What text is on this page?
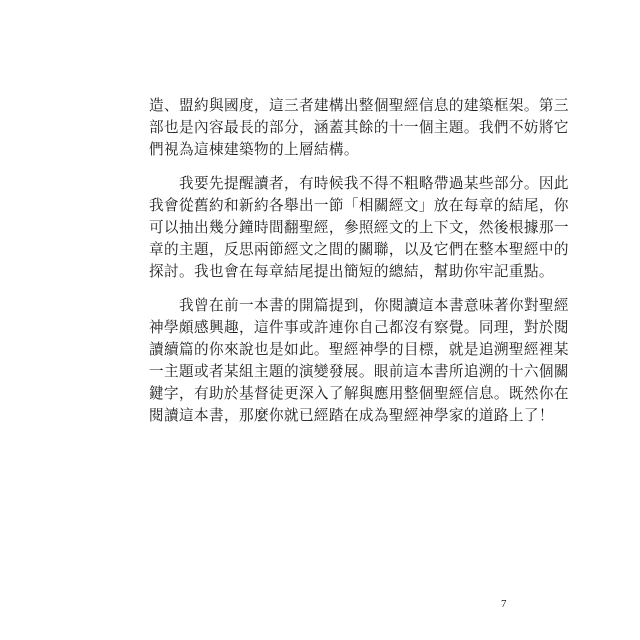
造、盟約與國度，這三者建構出整個聖經信息的建築框架。第三
部也是內容最長的部分，涵蓋其餘的十一個主題。我們不妨將它
們視為這棟建築物的上層結構。

　　我要先提醒讀者，有時候我不得不粗略帶過某些部分。因此
我會從舊約和新約各舉出一節「相關經文」放在每章的結尾，你
可以抽出幾分鐘時間翻聖經，參照經文的上下文，然後根據那一
章的主題，反思兩節經文之間的關聯，以及它們在整本聖經中的
探討。我也會在每章結尾提出簡短的總結，幫助你牢記重點。

　　我曾在前一本書的開篇提到，你閱讀這本書意味著你對聖經
神學頗感興趣，這件事或許連你自己都沒有察覺。同理，對於閱
讀續篇的你來說也是如此。聖經神學的目標，就是追溯聖經裡某
一主題或者某組主題的演變發展。眼前這本書所追溯的十六個關
鍵字，有助於基督徒更深入了解與應用整個聖經信息。既然你在
閱讀這本書，那麼你就已經踏在成為聖經神學家的道路上了！

7
